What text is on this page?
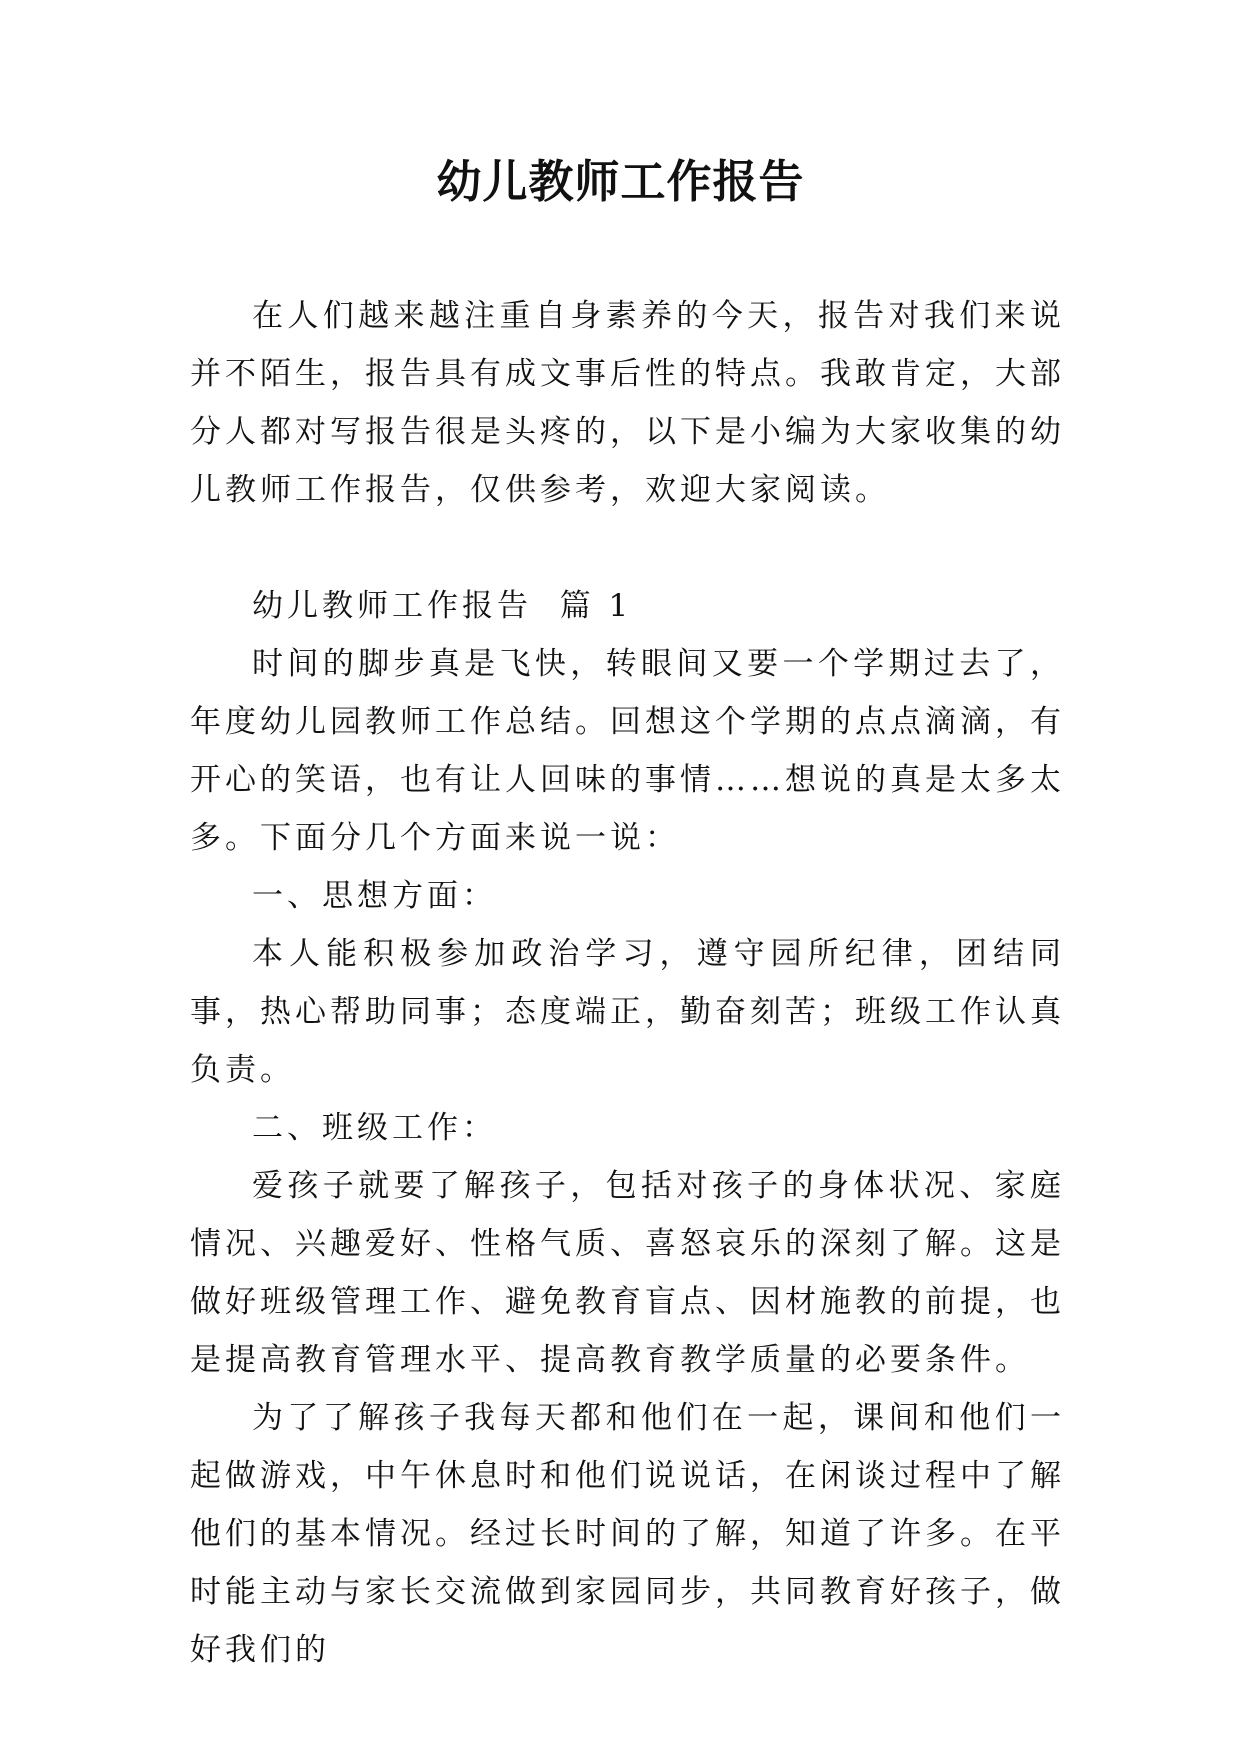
幼儿教师工作报告

在人们越来越注重自身素养的今天，报告对我们来说并不陌生，报告具有成文事后性的特点。我敢肯定，大部分人都对写报告很是头疼的，以下是小编为大家收集的幼儿教师工作报告，仅供参考，欢迎大家阅读。

幼儿教师工作报告  篇 1

时间的脚步真是飞快，转眼间又要一个学期过去了，年度幼儿园教师工作总结。回想这个学期的点点滴滴，有开心的笑语，也有让人回味的事情……想说的真是太多太多。下面分几个方面来说一说：

一、思想方面：

本人能积极参加政治学习，遵守园所纪律，团结同事，热心帮助同事；态度端正，勤奋刻苦；班级工作认真负责。

二、班级工作：

爱孩子就要了解孩子，包括对孩子的身体状况、家庭情况、兴趣爱好、性格气质、喜怒哀乐的深刻了解。这是做好班级管理工作、避免教育盲点、因材施教的前提，也是提高教育管理水平、提高教育教学质量的必要条件。

为了了解孩子我每天都和他们在一起，课间和他们一起做游戏，中午休息时和他们说说话，在闲谈过程中了解他们的基本情况。经过长时间的了解，知道了许多。在平时能主动与家长交流做到家园同步，共同教育好孩子，做好我们的
